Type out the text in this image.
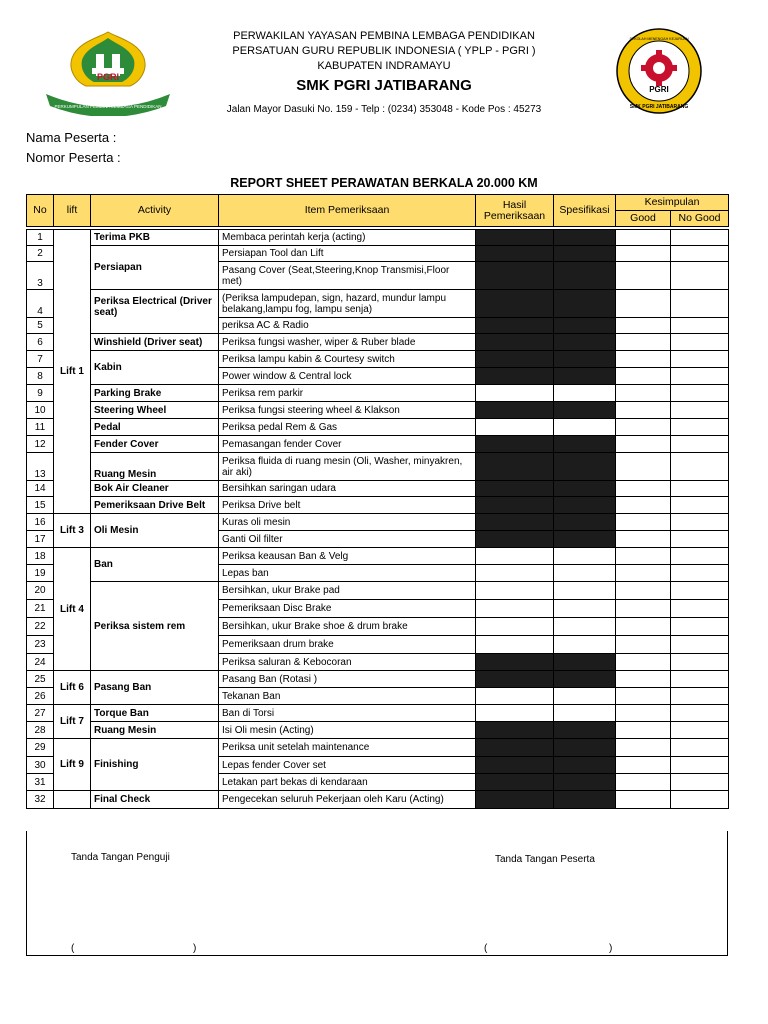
PGRI
PERKUMPULAN PEMBINA LEMBAGA PENDIDIKAN
PERWAKILAN YAYASAN PEMBINA LEMBAGA PENDIDIKAN
PERSATUAN GURU REPUBLIK INDONESIA ( YPLP - PGRI )
KABUPATEN INDRAMAYU
SMK PGRI JATIBARANG
Jalan Mayor Dasuki No. 159 - Telp : (0234) 353048 - Kode Pos : 45273
PGRI
SEKOLAH MENENGAH KEJURUAN
SMK PGRI JATIBARANG
Nama Peserta :
Nomor Peserta :
REPORT SHEET PERAWATAN BERKALA 20.000 KM
No	lift	Activity	Item Pemeriksaan	Hasil
Pemeriksaan	Spesifikasi	Kesimpulan	
						Good	No Good

1	Lift 1	Terima PKB	Membaca perintah kerja (acting)				
2		Persiapan	Persiapan Tool dan Lift				
3			Pasang Cover (Seat,Steering,Knop Transmisi,Floor met)				
4		Periksa Electrical (Driver seat)	(Periksa lampudepan, sign, hazard, mundur lampu belakang,lampu fog, lampu senja)				
5			periksa AC & Radio				
6		Winshield (Driver seat)	Periksa fungsi washer, wiper & Ruber blade				
7		Kabin	Periksa lampu kabin & Courtesy switch				
8			Power window & Central lock				
9		Parking Brake	Periksa rem parkir				
10		Steering Wheel	Periksa fungsi steering wheel & Klakson				
11		Pedal	Periksa pedal Rem & Gas				
12		Fender Cover	Pemasangan fender Cover				
13		Ruang Mesin	Periksa fluida di ruang mesin (Oli, Washer, minyakren, air aki)				
14		Bok Air Cleaner	Bersihkan saringan udara				
15		Pemeriksaan Drive Belt	Periksa Drive belt				
16	Lift 3	Oli Mesin	Kuras oli mesin				
17			Ganti Oil filter				
18	Lift 4	Ban	Periksa keausan Ban & Velg				
19			Lepas ban				
20		Periksa sistem rem	Bersihkan, ukur Brake pad				
21			Pemeriksaan Disc Brake				
22			Bersihkan, ukur Brake shoe & drum brake				
23			Pemeriksaan drum brake				
24			Periksa saluran & Kebocoran				
25	Lift 6	Pasang Ban	Pasang Ban (Rotasi )				
26			Tekanan Ban				
27	Lift 7	Torque Ban	Ban di Torsi				
28		Ruang Mesin	Isi Oli mesin (Acting)				
29	Lift 9	Finishing	Periksa unit setelah maintenance				
30			Lepas fender Cover set				
31			Letakan part bekas di kendaraan				
32		Final Check	Pengecekan seluruh Pekerjaan oleh Karu (Acting)				
Tanda Tangan Penguji	Tanda Tangan Peserta
(	)	(	)
